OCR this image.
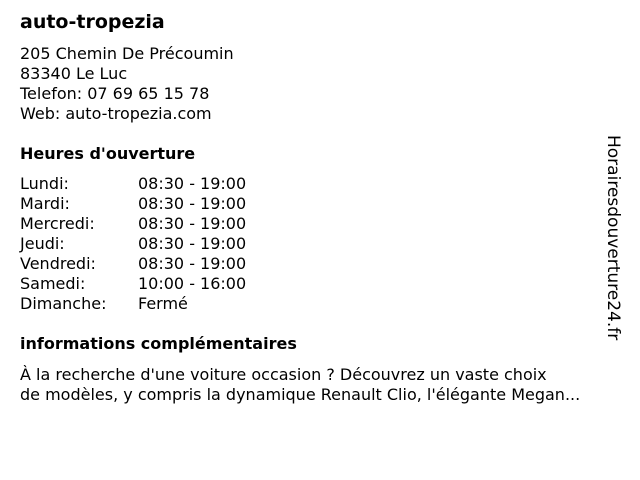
auto-tropezia
205 Chemin De Précoumin
83340 Le Luc
Telefon: 07 69 65 15 78
Web: auto-tropezia.com
Heures d'ouverture
Lundi:	08:30 - 19:00
Mardi:	08:30 - 19:00
Mercredi:	08:30 - 19:00
Jeudi:	08:30 - 19:00
Vendredi:	08:30 - 19:00
Samedi:	10:00 - 16:00
Dimanche:	Fermé
informations complémentaires

À la recherche d'une voiture occasion ? Découvrez un vaste choix
de modèles, y compris la dynamique Renault Clio, l'élégante Megan...

Horairesdouverture24.fr
